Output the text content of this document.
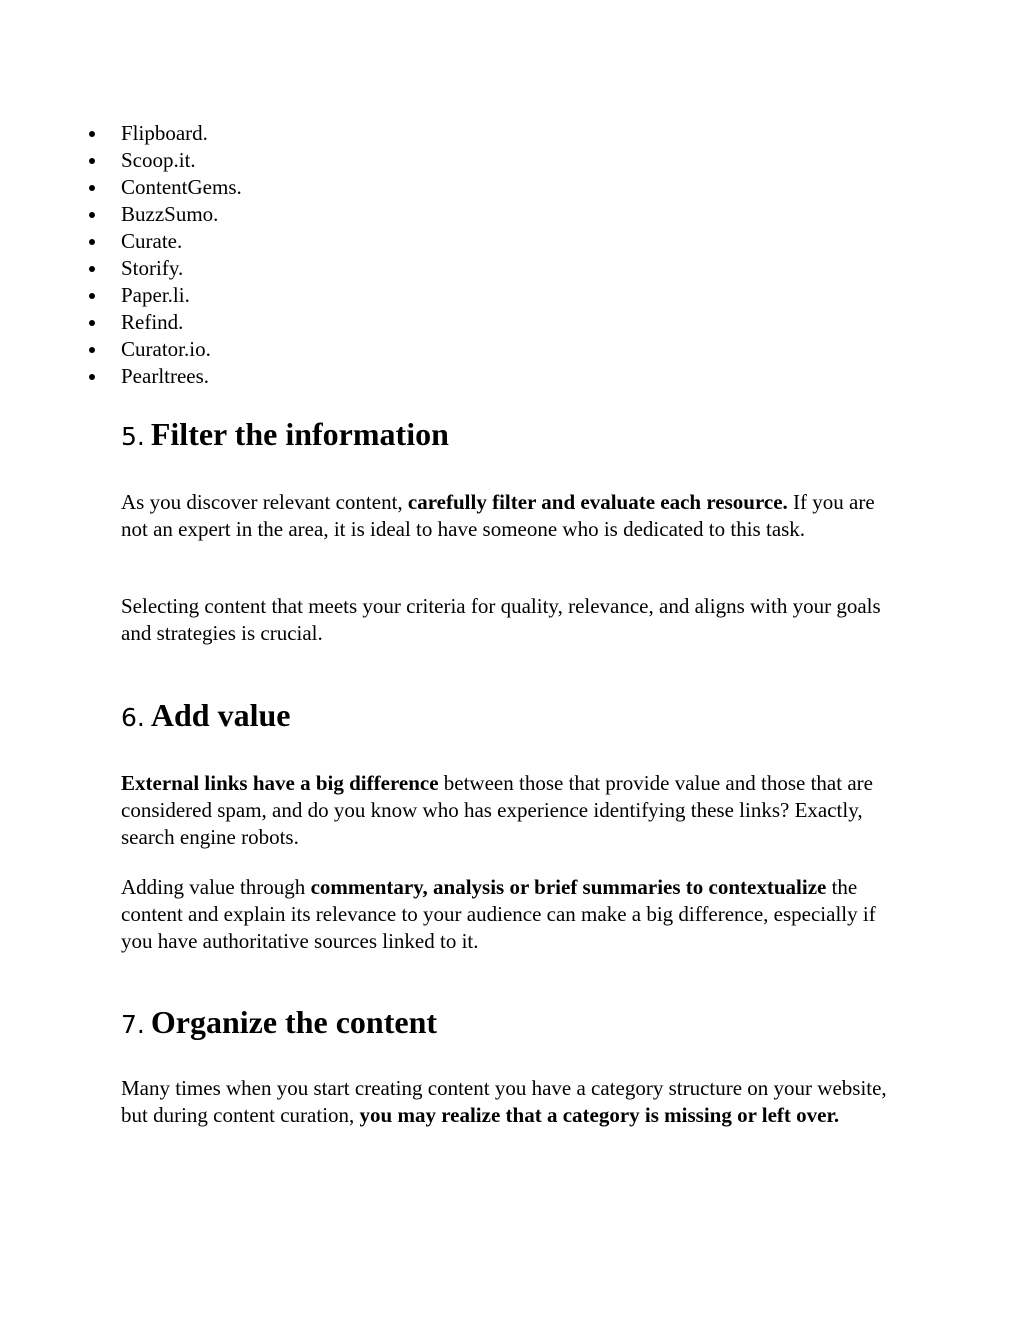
Flipboard.
Scoop.it.
ContentGems.
BuzzSumo.
Curate.
Storify.
Paper.li.
Refind.
Curator.io.
Pearltrees.
5. Filter the information

As you discover relevant content, carefully filter and evaluate each resource. If you are not an expert in the area, it is ideal to have someone who is dedicated to this task.

Selecting content that meets your criteria for quality, relevance, and aligns with your goals and strategies is crucial.

6. Add value

External links have a big difference between those that provide value and those that are considered spam, and do you know who has experience identifying these links? Exactly, search engine robots.

Adding value through commentary, analysis or brief summaries to contextualize the content and explain its relevance to your audience can make a big difference, especially if you have authoritative sources linked to it.

7. Organize the content

Many times when you start creating content you have a category structure on your website, but during content curation, you may realize that a category is missing or left over.
